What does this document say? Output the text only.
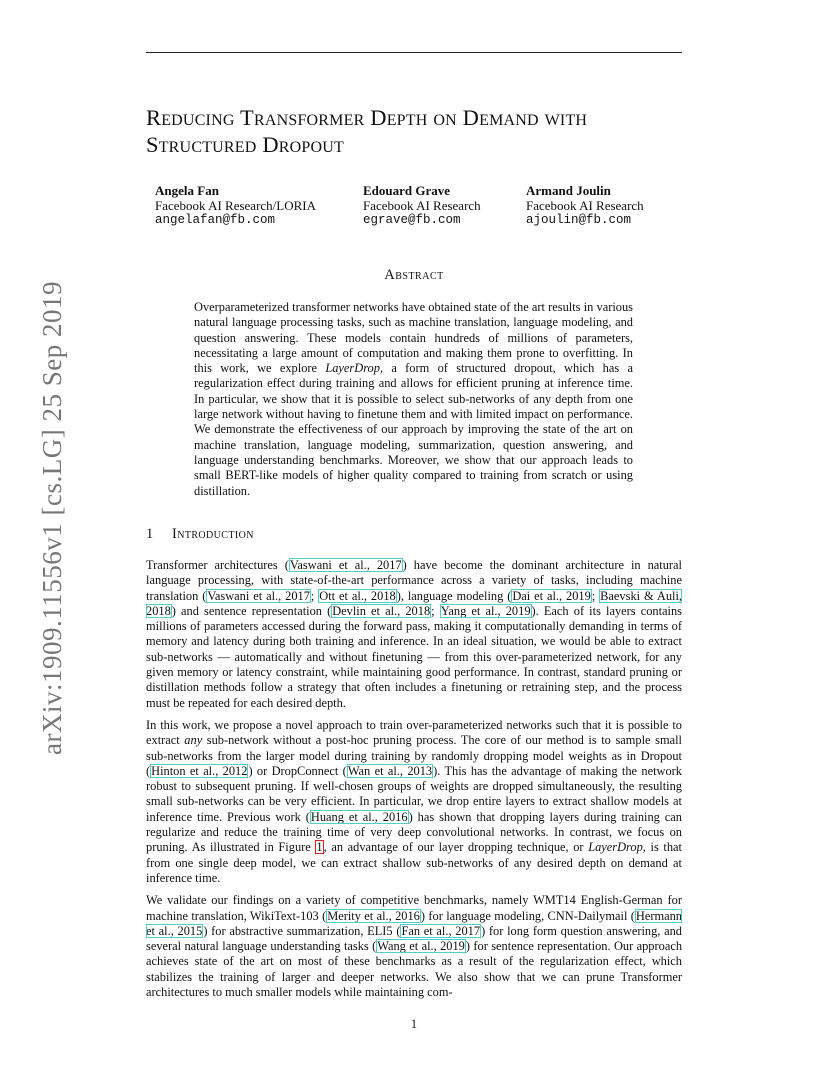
arXiv:1909.11556v1 [cs.LG] 25 Sep 2019
Reducing Transformer Depth on Demand with
Structured Dropout
Angela Fan
Facebook AI Research/LORIA
angelafan@fb.com
Edouard Grave
Facebook AI Research
egrave@fb.com
Armand Joulin
Facebook AI Research
ajoulin@fb.com
Abstract

Overparameterized transformer networks have obtained state of the art results in various natural language processing tasks, such as machine translation, language modeling, and question answering. These models contain hundreds of millions of parameters, necessitating a large amount of computation and making them prone to overfitting. In this work, we explore LayerDrop, a form of structured dropout, which has a regularization effect during training and allows for efficient pruning at inference time. In particular, we show that it is possible to select sub-networks of any depth from one large network without having to finetune them and with limited impact on performance. We demonstrate the effectiveness of our approach by improving the state of the art on machine translation, language modeling, summarization, question answering, and language understanding benchmarks. Moreover, we show that our approach leads to small BERT-like models of higher quality compared to training from scratch or using distillation.

1 Introduction

Transformer architectures (Vaswani et al., 2017) have become the dominant architecture in natural language processing, with state-of-the-art performance across a variety of tasks, including machine translation (Vaswani et al., 2017; Ott et al., 2018), language modeling (Dai et al., 2019; Baevski & Auli, 2018) and sentence representation (Devlin et al., 2018; Yang et al., 2019). Each of its layers contains millions of parameters accessed during the forward pass, making it computationally demanding in terms of memory and latency during both training and inference. In an ideal situation, we would be able to extract sub-networks — automatically and without finetuning — from this over-parameterized network, for any given memory or latency constraint, while maintaining good performance. In contrast, standard pruning or distillation methods follow a strategy that often includes a finetuning or retraining step, and the process must be repeated for each desired depth.

In this work, we propose a novel approach to train over-parameterized networks such that it is possible to extract any sub-network without a post-hoc pruning process. The core of our method is to sample small sub-networks from the larger model during training by randomly dropping model weights as in Dropout (Hinton et al., 2012) or DropConnect (Wan et al., 2013). This has the advantage of making the network robust to subsequent pruning. If well-chosen groups of weights are dropped simultaneously, the resulting small sub-networks can be very efficient. In particular, we drop entire layers to extract shallow models at inference time. Previous work (Huang et al., 2016) has shown that dropping layers during training can regularize and reduce the training time of very deep convolutional networks. In contrast, we focus on pruning. As illustrated in Figure 1, an advantage of our layer dropping technique, or LayerDrop, is that from one single deep model, we can extract shallow sub-networks of any desired depth on demand at inference time.

We validate our findings on a variety of competitive benchmarks, namely WMT14 English-German for machine translation, WikiText-103 (Merity et al., 2016) for language modeling, CNN-Dailymail (Hermann et al., 2015) for abstractive summarization, ELI5 (Fan et al., 2017) for long form question answering, and several natural language understanding tasks (Wang et al., 2019) for sentence representation. Our approach achieves state of the art on most of these benchmarks as a result of the regularization effect, which stabilizes the training of larger and deeper networks. We also show that we can prune Transformer architectures to much smaller models while maintaining com-

1
